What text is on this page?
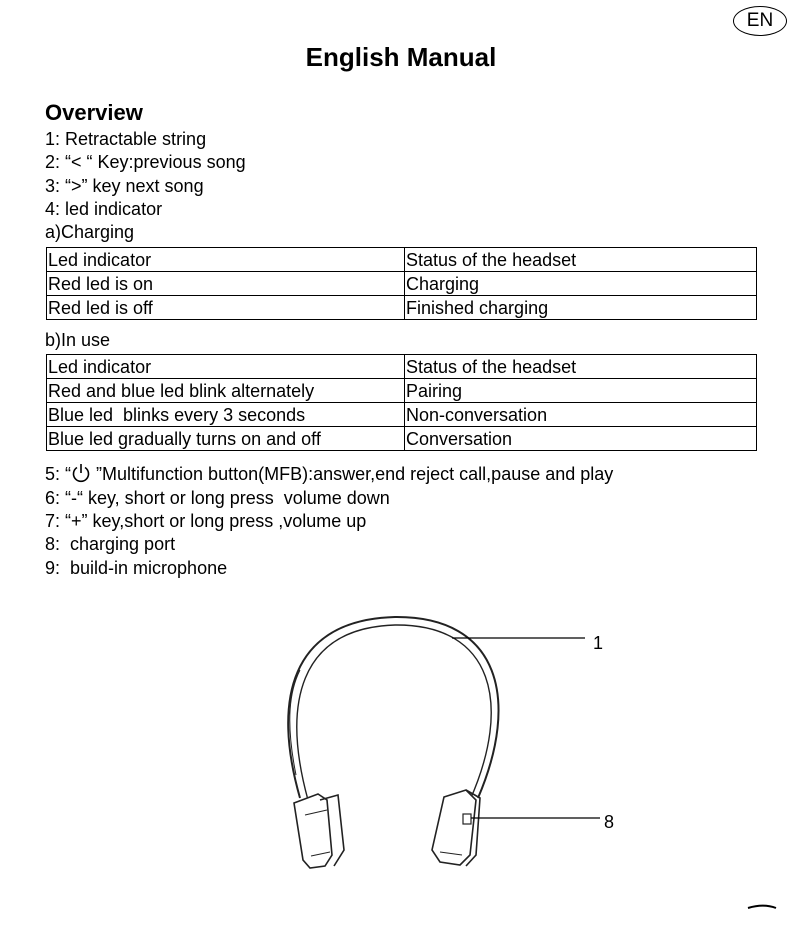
EN
English Manual
Overview
1: Retractable string
2: “< “ Key:previous song
3: “>” key next song
4: led indicator
a)Charging
Led indicator	Status of the headset
Red led is on	Charging
Red led is off	Finished charging
b)In use
Led indicator	Status of the headset
Red and blue led blink alternately	Pairing
Blue led  blinks every 3 seconds	Non-conversation
Blue led gradually turns on and off	Conversation
5: “ ”Multifunction button(MFB):answer,end reject call,pause and play
6: “-“ key, short or long press  volume down
7: “+” key,short or long press ,volume up
8:  charging port
9:  build-in microphone
1
8
